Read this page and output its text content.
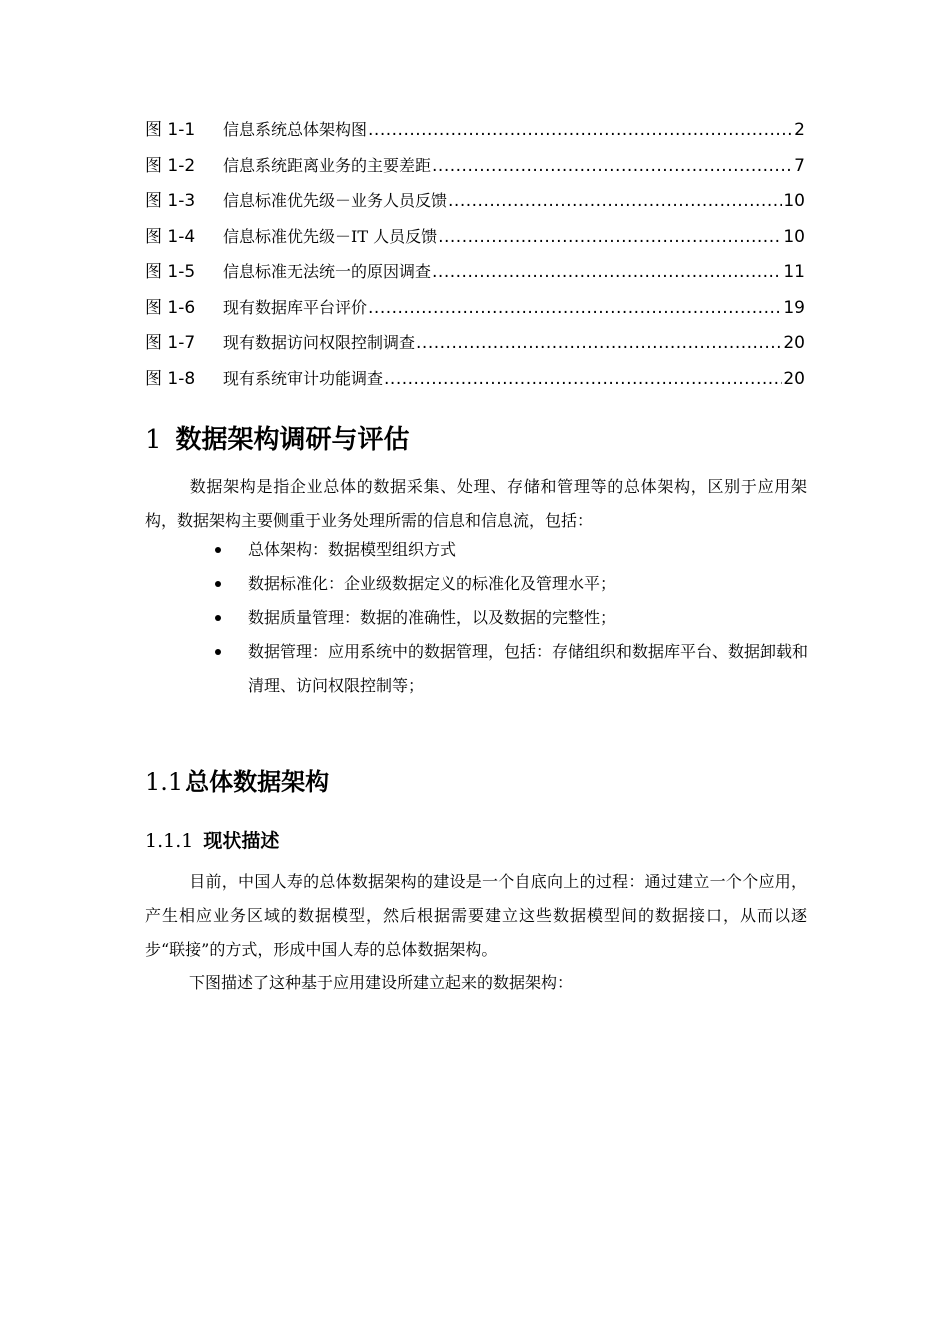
图 1-1	信息系统总体架构图 .....	2
图 1-2	信息系统距离业务的主要差距 .....	7
图 1-3	信息标准优先级－业务人员反馈 .....	10
图 1-4	信息标准优先级－IT 人员反馈 .....	10
图 1-5	信息标准无法统一的原因调查 .....	11
图 1-6	现有数据库平台评价 .....	19
图 1-7	现有数据访问权限控制调查 .....	20
图 1-8	现有系统审计功能调查 .....	20
1 数据架构调研与评估
数据架构是指企业总体的数据采集、处理、存储和管理等的总体架构，区别于应用架构，数据架构主要侧重于业务处理所需的信息和信息流，包括：
总体架构：数据模型组织方式
数据标准化：企业级数据定义的标准化及管理水平；
数据质量管理：数据的准确性，以及数据的完整性；
数据管理：应用系统中的数据管理，包括：存储组织和数据库平台、数据卸载和清理、访问权限控制等；
1.1总体数据架构
1.1.1 现状描述
目前，中国人寿的总体数据架构的建设是一个自底向上的过程：通过建立一个个应用，产生相应业务区域的数据模型，然后根据需要建立这些数据模型间的数据接口，从而以逐步“联接”的方式，形成中国人寿的总体数据架构。
下图描述了这种基于应用建设所建立起来的数据架构：
